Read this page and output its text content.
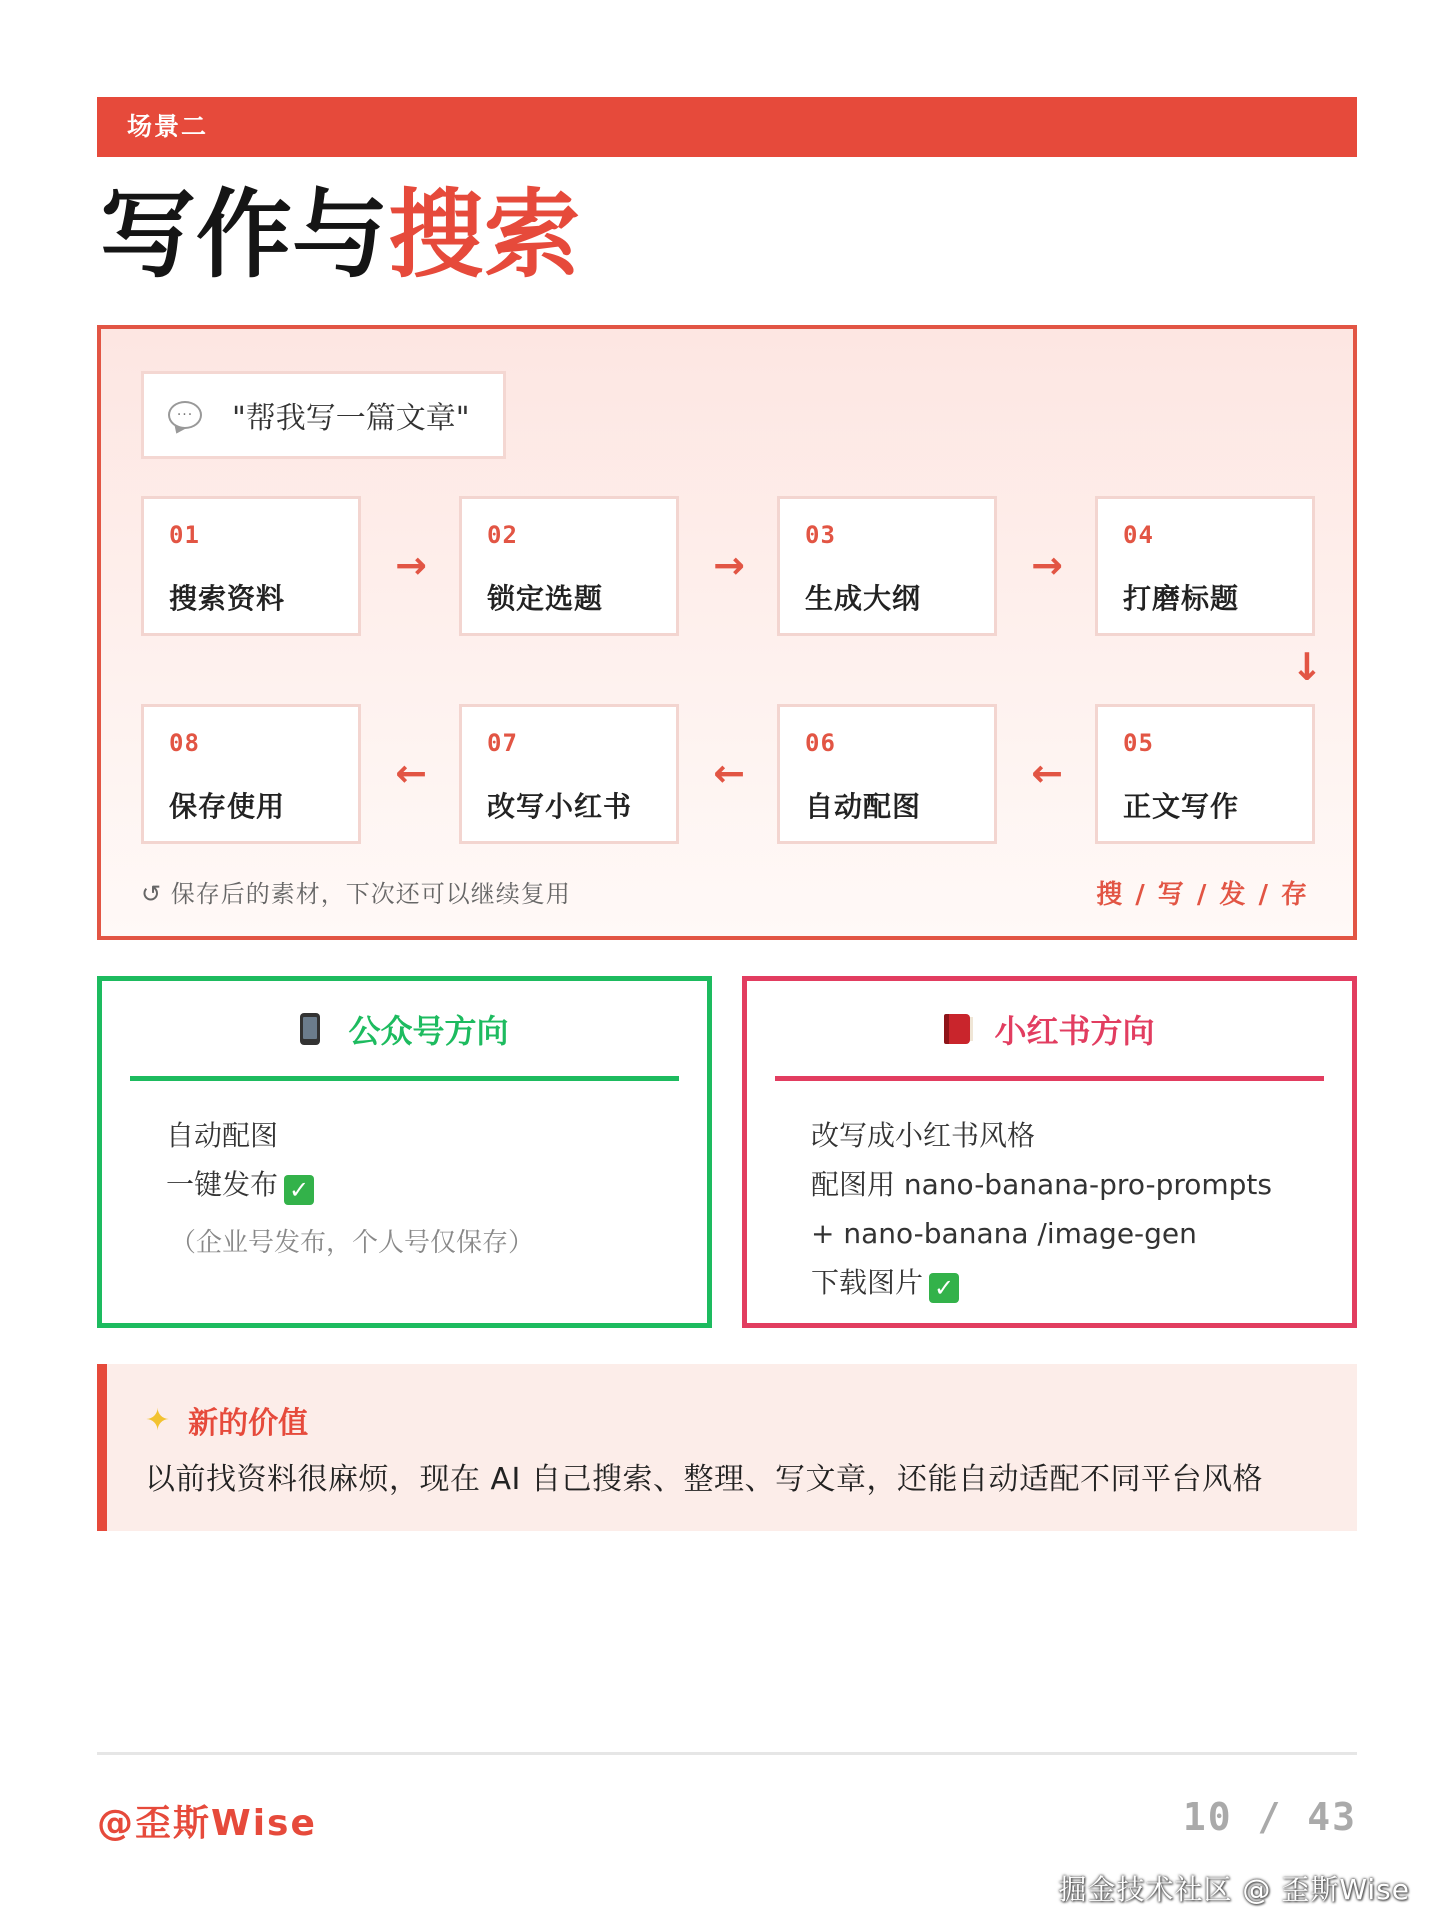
场景二
写作与搜索
··· "帮我写一篇文章"
01
搜索资料
→
02
锁定选题
→
03
生成大纲
→
04
打磨标题
↓
08
保存使用
←
07
改写小红书
←
06
自动配图
←
05
正文写作
↺ 保存后的素材，下次还可以继续复用	搜 / 写 / 发 / 存
公众号方向
自动配图
一键发布 ✓
（企业号发布，个人号仅保存）
小红书方向
改写成小红书风格
配图用 nano-banana-pro-prompts
+ nano-banana /image-gen
下载图片 ✓
✦ 新的价值
以前找资料很麻烦，现在 AI 自己搜索、整理、写文章，还能自动适配不同平台风格
@歪斯Wise	10 / 43
掘金技术社区 @ 歪斯Wise
